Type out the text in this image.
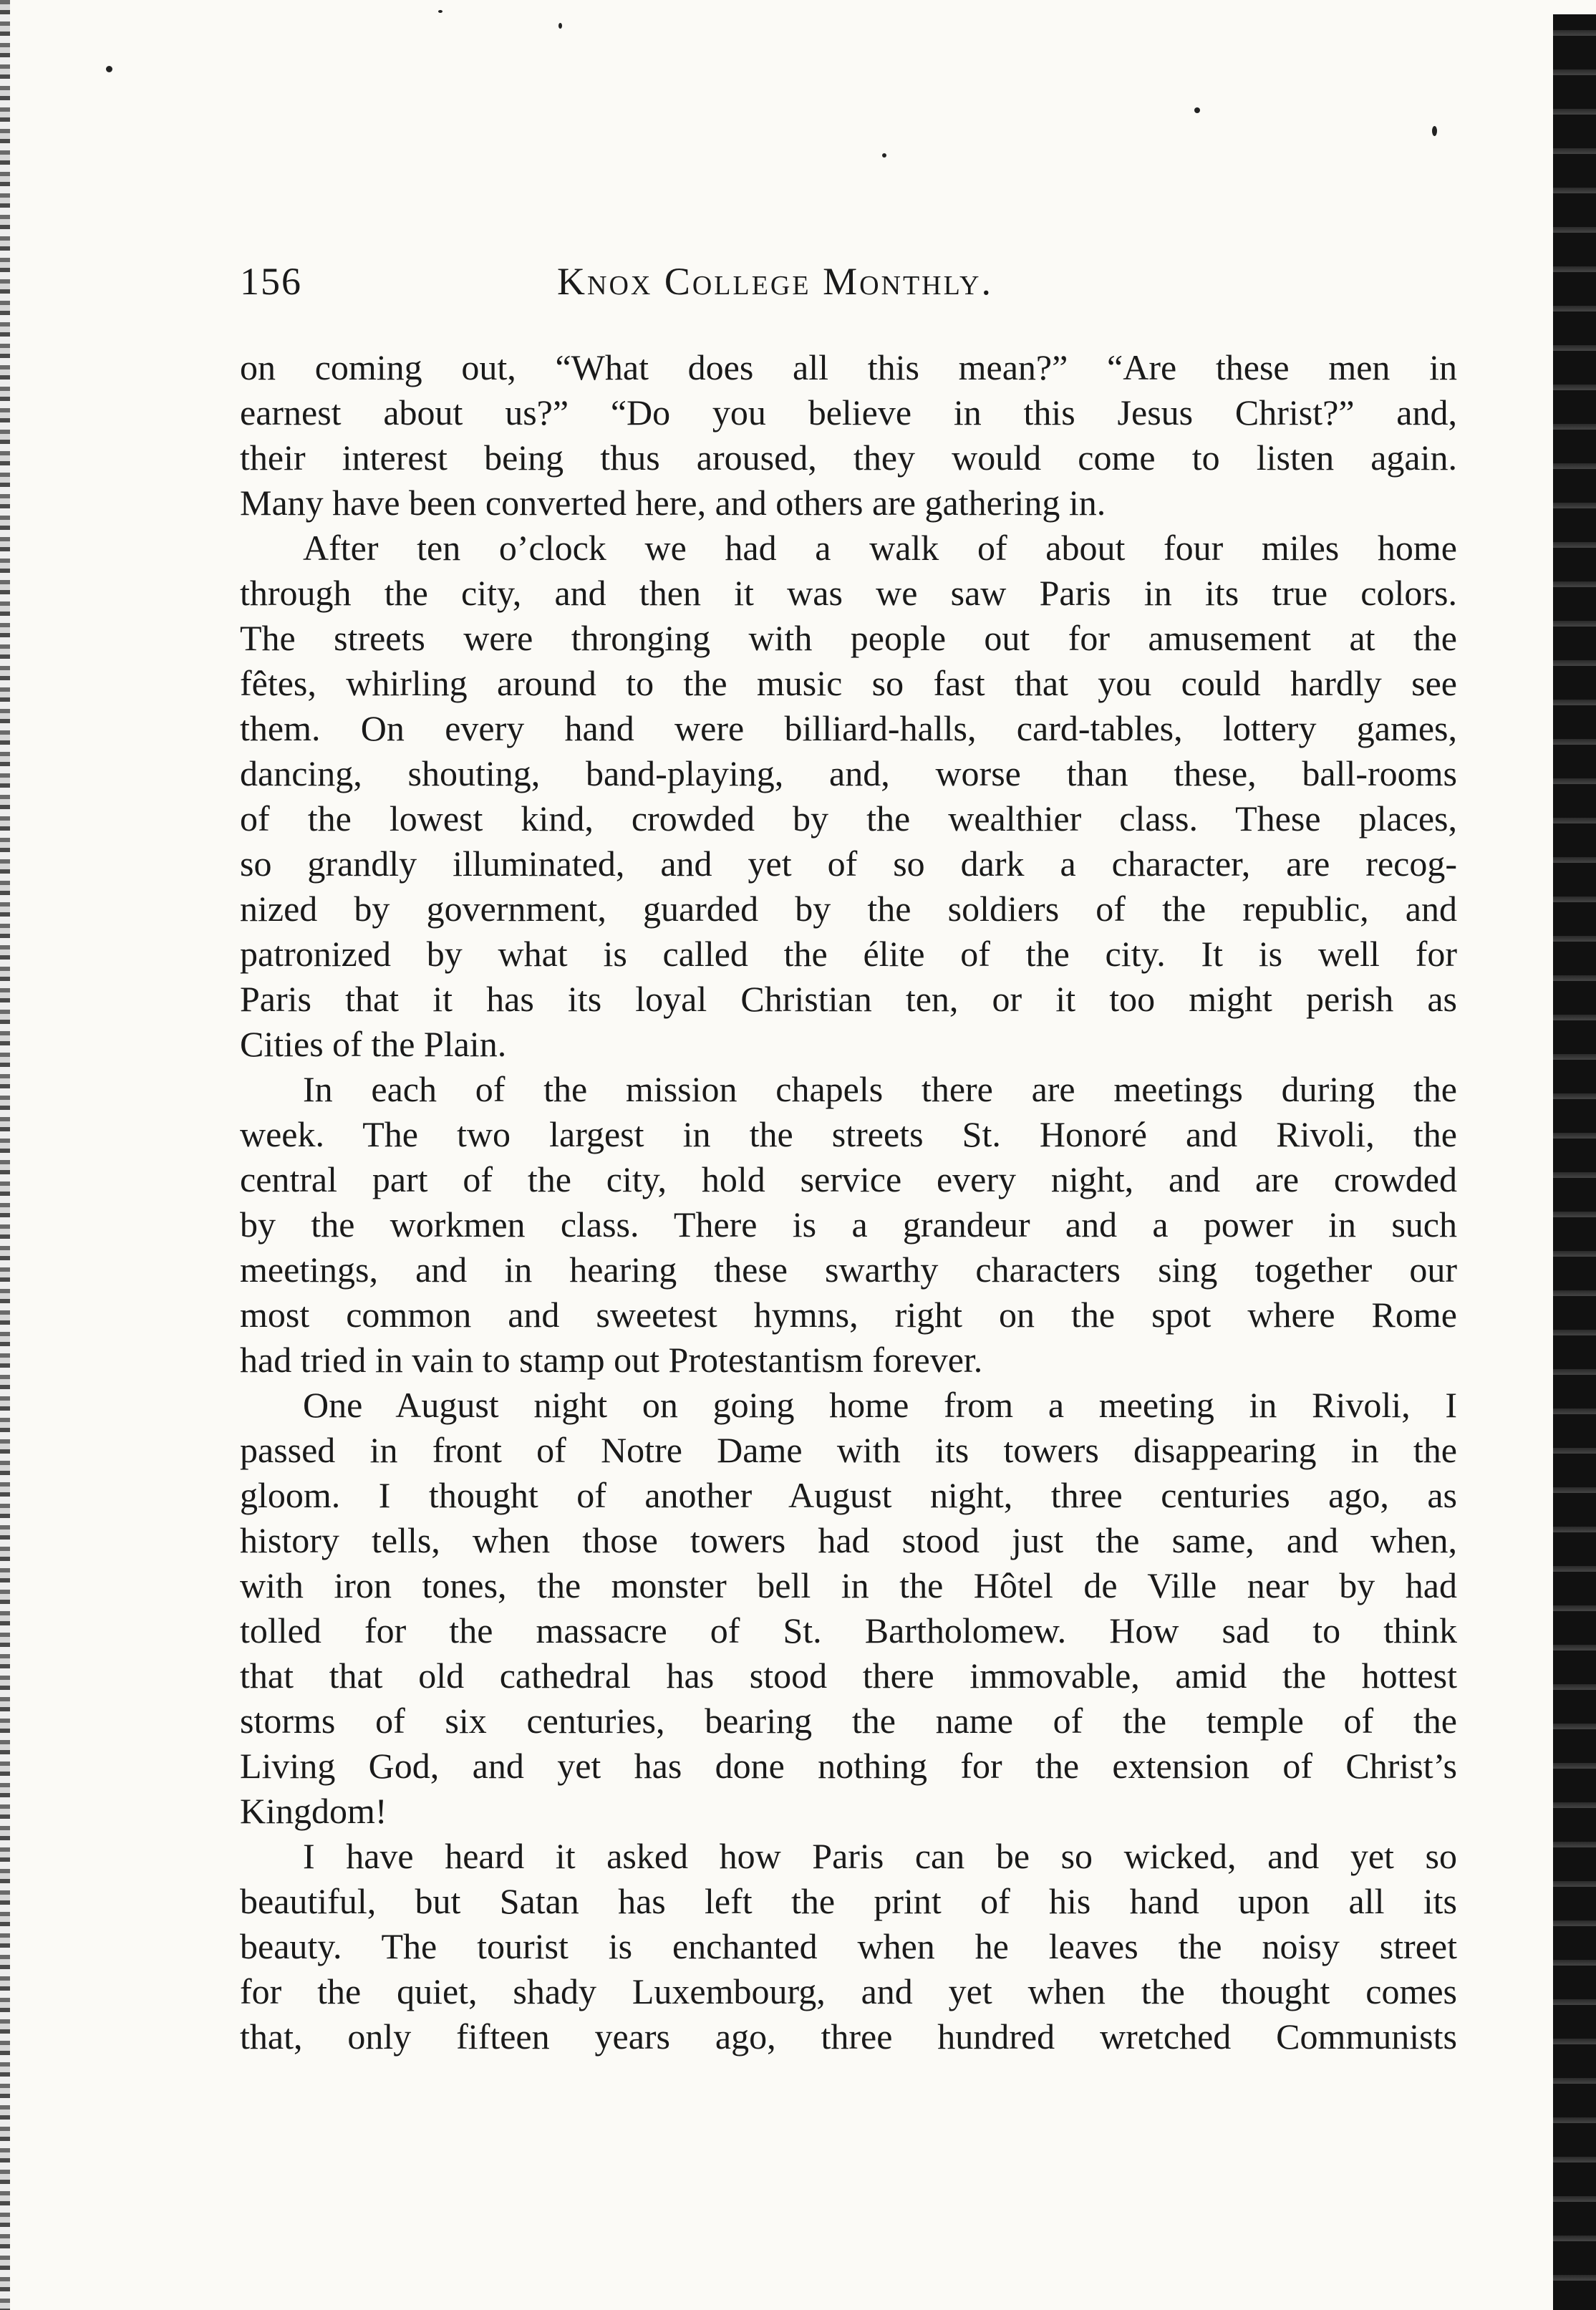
156	Knox College Monthly.

on coming out, “What does all this mean?” “Are these men in
earnest about us?” “Do you believe in this Jesus Christ?” and,
their interest being thus aroused, they would come to listen again.
Many have been converted here, and others are gathering in.

After ten o’clock we had a walk of about four miles home
through the city, and then it was we saw Paris in its true colors.
The streets were thronging with people out for amusement at the
fêtes, whirling around to the music so fast that you could hardly see
them. On every hand were billiard-halls, card-tables, lottery games,
dancing, shouting, band-playing, and, worse than these, ball-rooms
of the lowest kind, crowded by the wealthier class. These places,
so grandly illuminated, and yet of so dark a character, are recog-
nized by government, guarded by the soldiers of the republic, and
patronized by what is called the élite of the city. It is well for
Paris that it has its loyal Christian ten, or it too might perish as
Cities of the Plain.

In each of the mission chapels there are meetings during the
week. The two largest in the streets St. Honoré and Rivoli, the
central part of the city, hold service every night, and are crowded
by the workmen class. There is a grandeur and a power in such
meetings, and in hearing these swarthy characters sing together our
most common and sweetest hymns, right on the spot where Rome
had tried in vain to stamp out Protestantism forever.

One August night on going home from a meeting in Rivoli, I
passed in front of Notre Dame with its towers disappearing in the
gloom. I thought of another August night, three centuries ago, as
history tells, when those towers had stood just the same, and when,
with iron tones, the monster bell in the Hôtel de Ville near by had
tolled for the massacre of St. Bartholomew. How sad to think
that that old cathedral has stood there immovable, amid the hottest
storms of six centuries, bearing the name of the temple of the
Living God, and yet has done nothing for the extension of Christ’s
Kingdom!

I have heard it asked how Paris can be so wicked, and yet so
beautiful, but Satan has left the print of his hand upon all its
beauty. The tourist is enchanted when he leaves the noisy street
for the quiet, shady Luxembourg, and yet when the thought comes
that, only fifteen years ago, three hundred wretched Communists
